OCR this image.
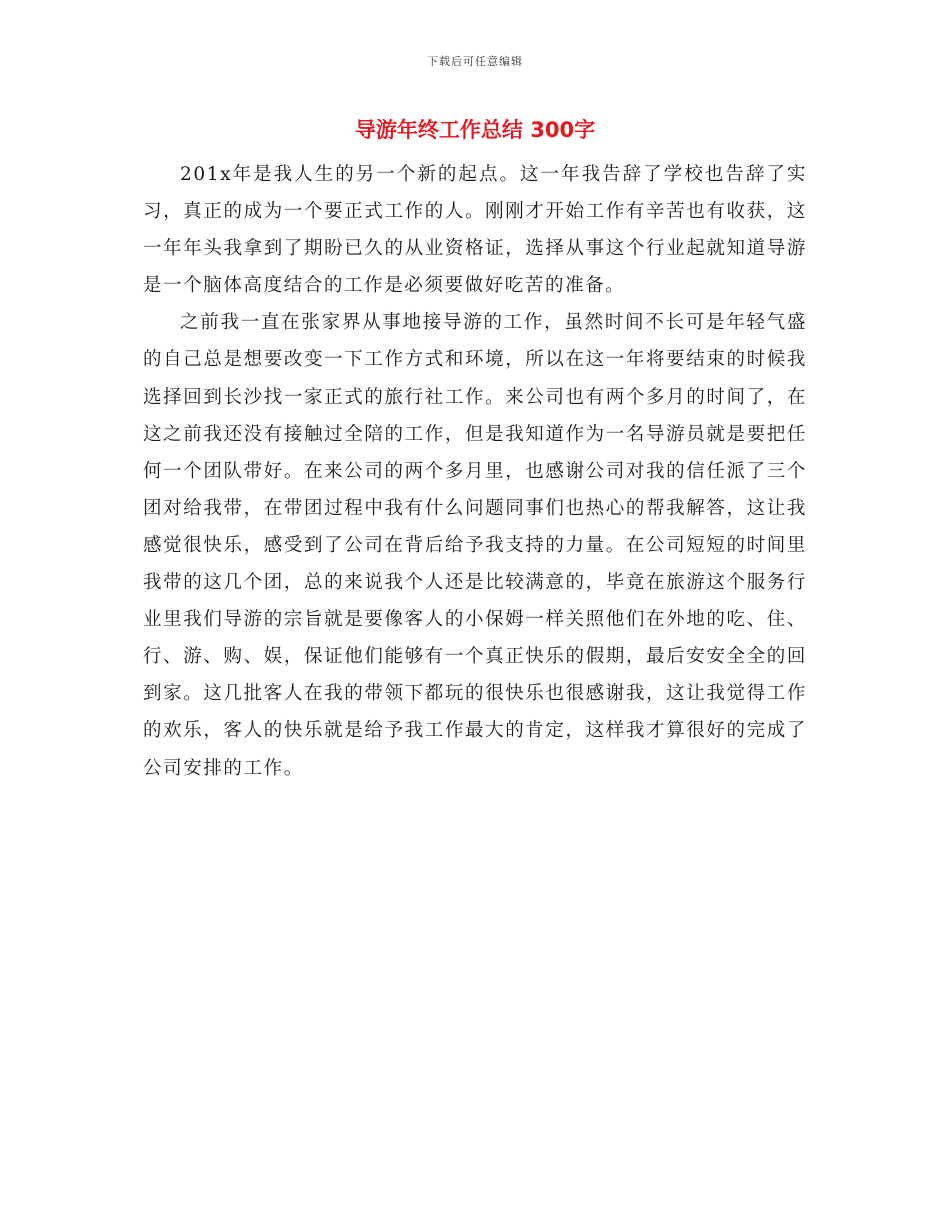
下载后可任意编辑
导游年终工作总结 300字

201x年是我人生的另一个新的起点。这一年我告辞了学校也告辞了实习，真正的成为一个要正式工作的人。刚刚才开始工作有辛苦也有收获，这一年年头我拿到了期盼已久的从业资格证，选择从事这个行业起就知道导游是一个脑体高度结合的工作是必须要做好吃苦的准备。

之前我一直在张家界从事地接导游的工作，虽然时间不长可是年轻气盛的自己总是想要改变一下工作方式和环境，所以在这一年将要结束的时候我选择回到长沙找一家正式的旅行社工作。来公司也有两个多月的时间了，在这之前我还没有接触过全陪的工作，但是我知道作为一名导游员就是要把任何一个团队带好。在来公司的两个多月里，也感谢公司对我的信任派了三个团对给我带，在带团过程中我有什么问题同事们也热心的帮我解答，这让我感觉很快乐，感受到了公司在背后给予我支持的力量。在公司短短的时间里我带的这几个团，总的来说我个人还是比较满意的，毕竟在旅游这个服务行业里我们导游的宗旨就是要像客人的小保姆一样关照他们在外地的吃、住、行、游、购、娱，保证他们能够有一个真正快乐的假期，最后安安全全的回到家。这几批客人在我的带领下都玩的很快乐也很感谢我，这让我觉得工作的欢乐，客人的快乐就是给予我工作最大的肯定，这样我才算很好的完成了公司安排的工作。
